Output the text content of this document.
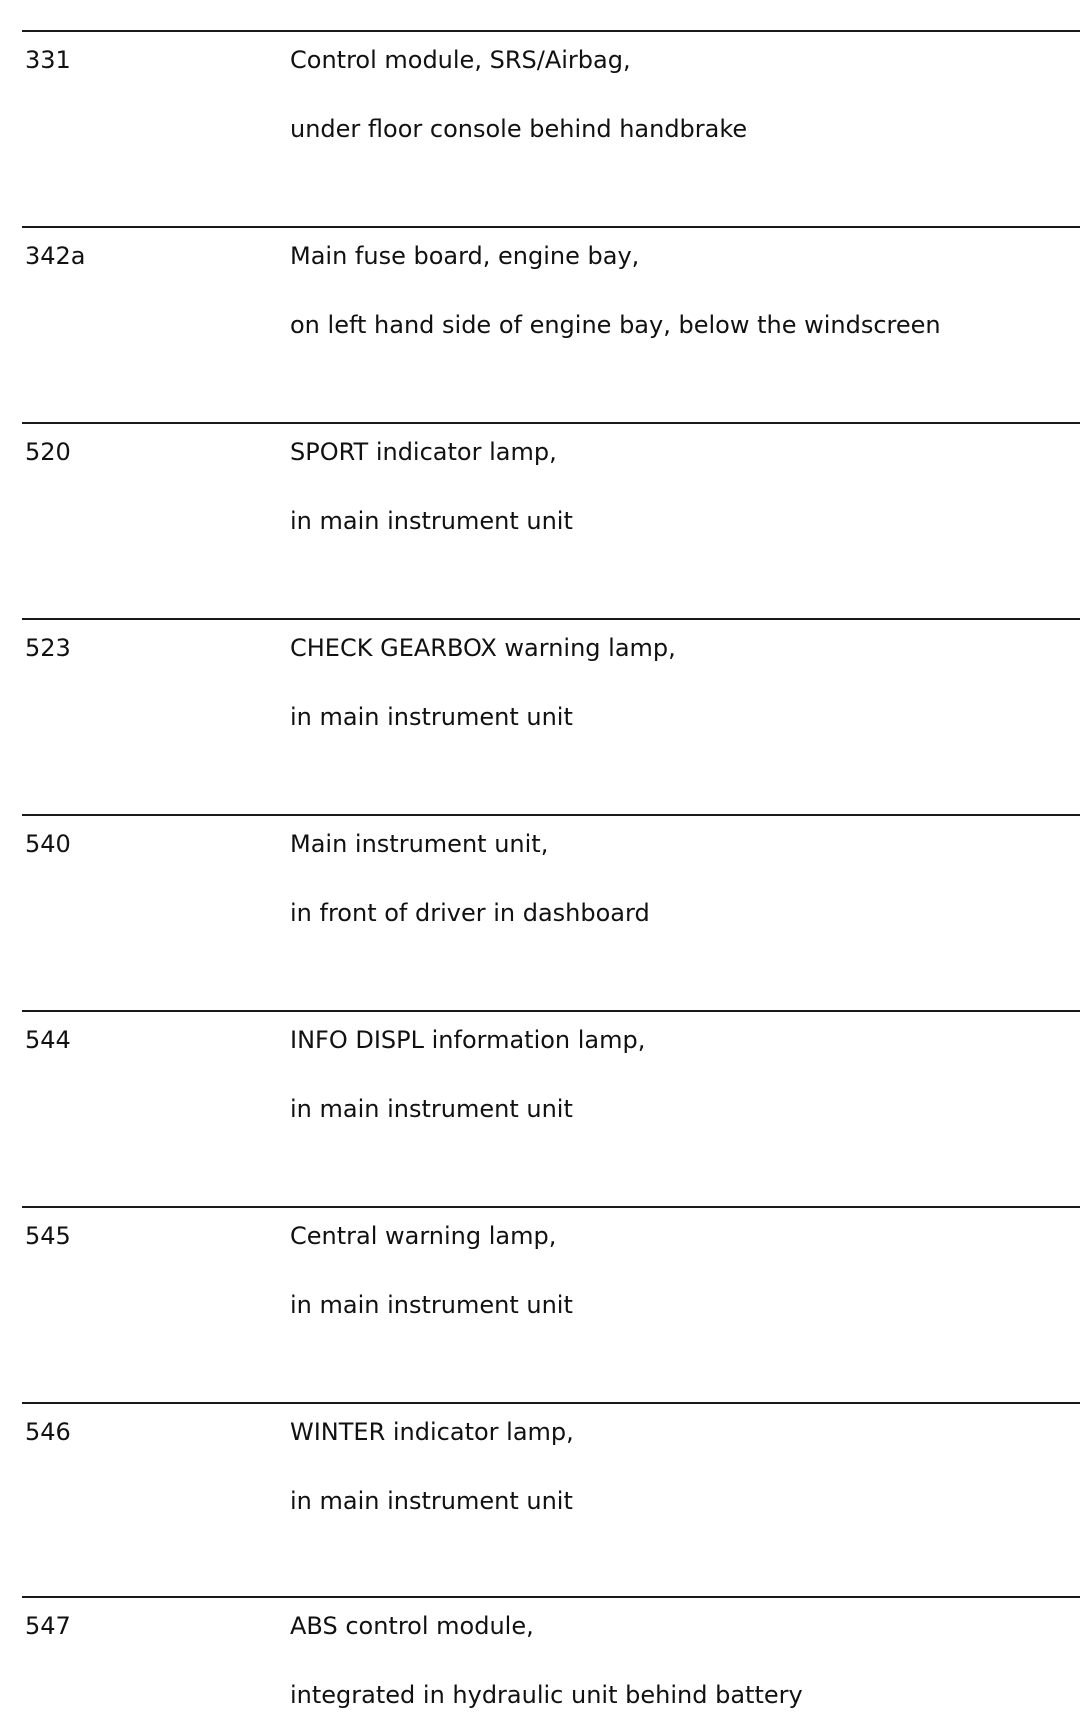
331	Control module, SRS/Airbag,
under floor console behind handbrake
342a	Main fuse board, engine bay,
on left hand side of engine bay, below the windscreen
520	SPORT indicator lamp,
in main instrument unit
523	CHECK GEARBOX warning lamp,
in main instrument unit
540	Main instrument unit,
in front of driver in dashboard
544	INFO DISPL information lamp,
in main instrument unit
545	Central warning lamp,
in main instrument unit
546	WINTER indicator lamp,
in main instrument unit
547	ABS control module,
integrated in hydraulic unit behind battery
